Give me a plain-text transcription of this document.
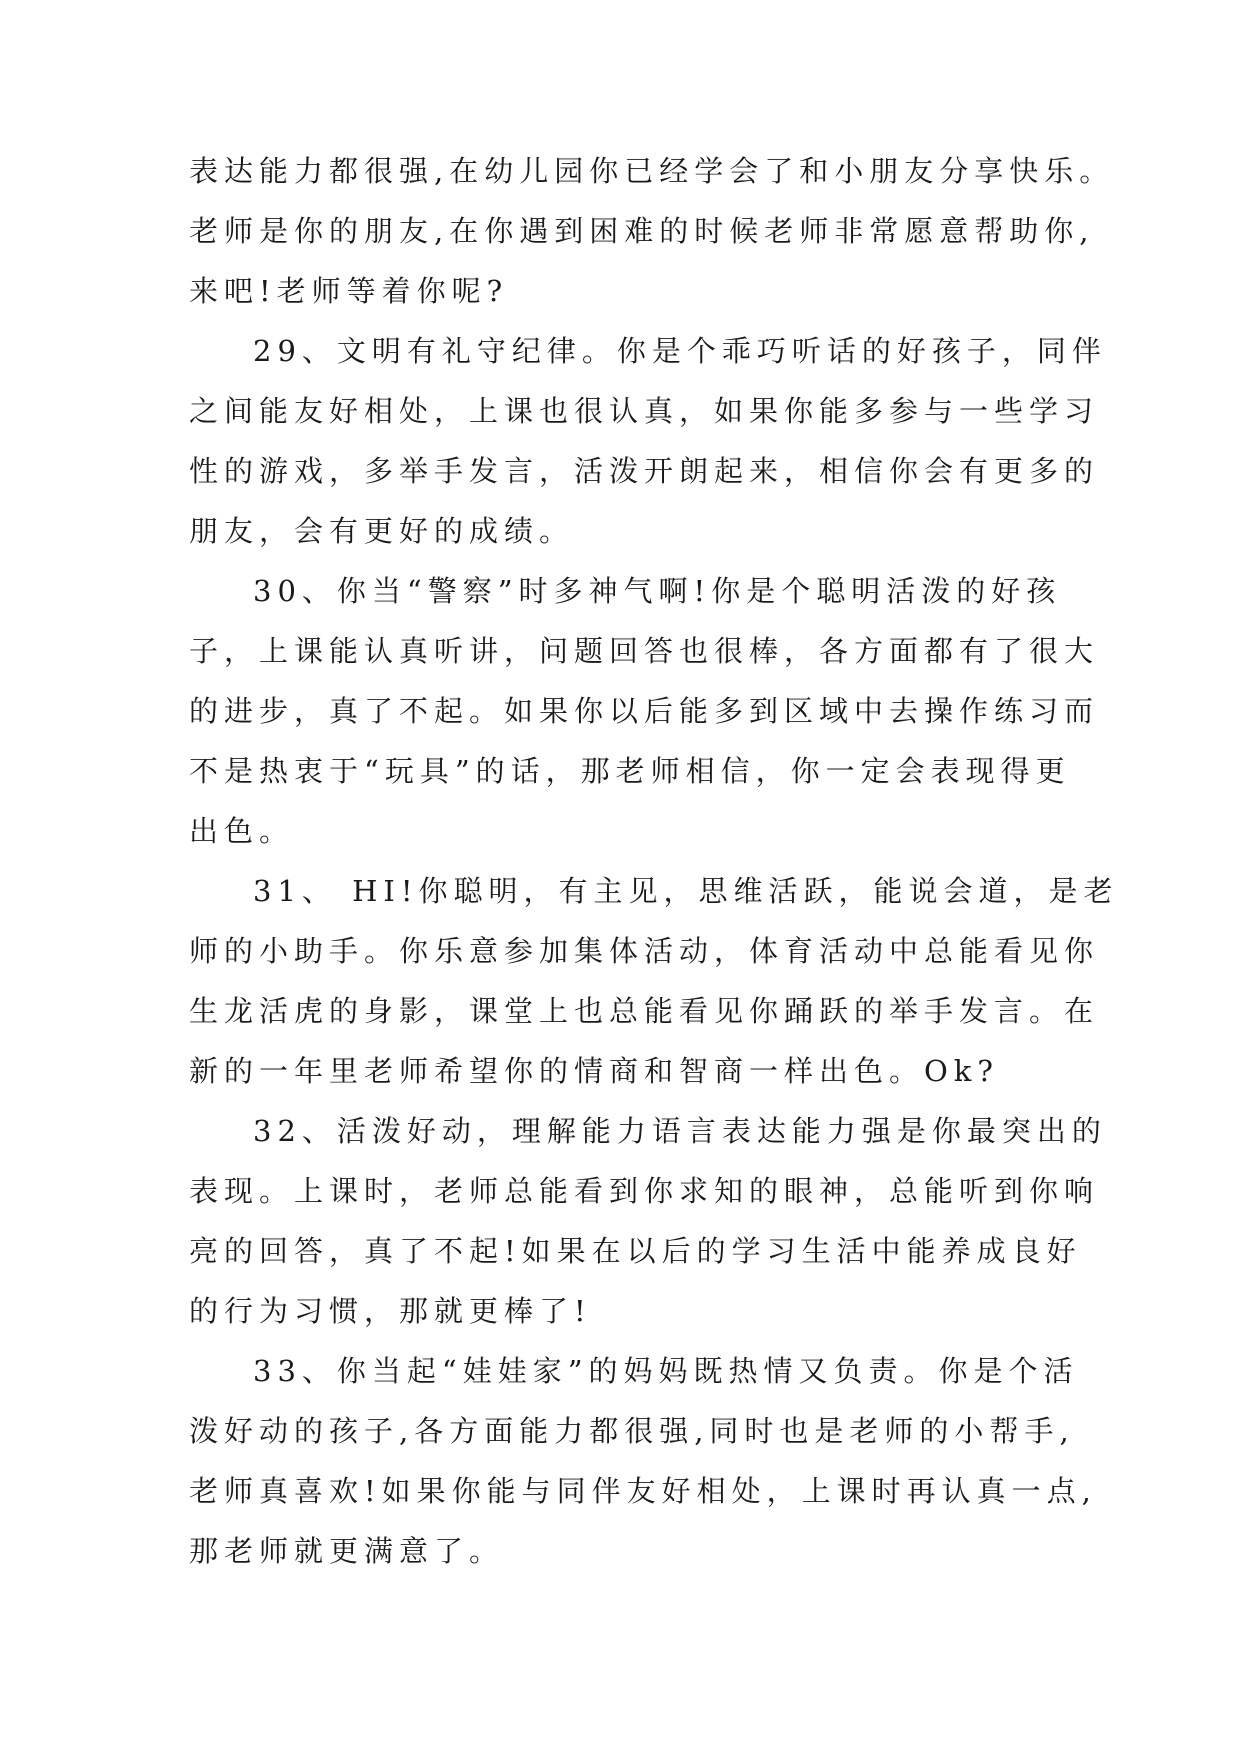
表达能力都很强,在幼儿园你已经学会了和小朋友分享快乐。

老师是你的朋友,在你遇到困难的时候老师非常愿意帮助你,

来吧!老师等着你呢?

29、文明有礼守纪律。你是个乖巧听话的好孩子，同伴

之间能友好相处，上课也很认真，如果你能多参与一些学习

性的游戏，多举手发言，活泼开朗起来，相信你会有更多的

朋友，会有更好的成绩。

30、你当“警察”时多神气啊!你是个聪明活泼的好孩

子，上课能认真听讲，问题回答也很棒，各方面都有了很大

的进步，真了不起。如果你以后能多到区域中去操作练习而

不是热衷于“玩具”的话，那老师相信，你一定会表现得更

出色。

31、 HI!你聪明，有主见，思维活跃，能说会道，是老

师的小助手。你乐意参加集体活动，体育活动中总能看见你

生龙活虎的身影，课堂上也总能看见你踊跃的举手发言。在

新的一年里老师希望你的情商和智商一样出色。Ok?

32、活泼好动，理解能力语言表达能力强是你最突出的

表现。上课时，老师总能看到你求知的眼神，总能听到你响

亮的回答，真了不起!如果在以后的学习生活中能养成良好

的行为习惯，那就更棒了!

33、你当起“娃娃家”的妈妈既热情又负责。你是个活

泼好动的孩子,各方面能力都很强,同时也是老师的小帮手,

老师真喜欢!如果你能与同伴友好相处，上课时再认真一点,

那老师就更满意了。
